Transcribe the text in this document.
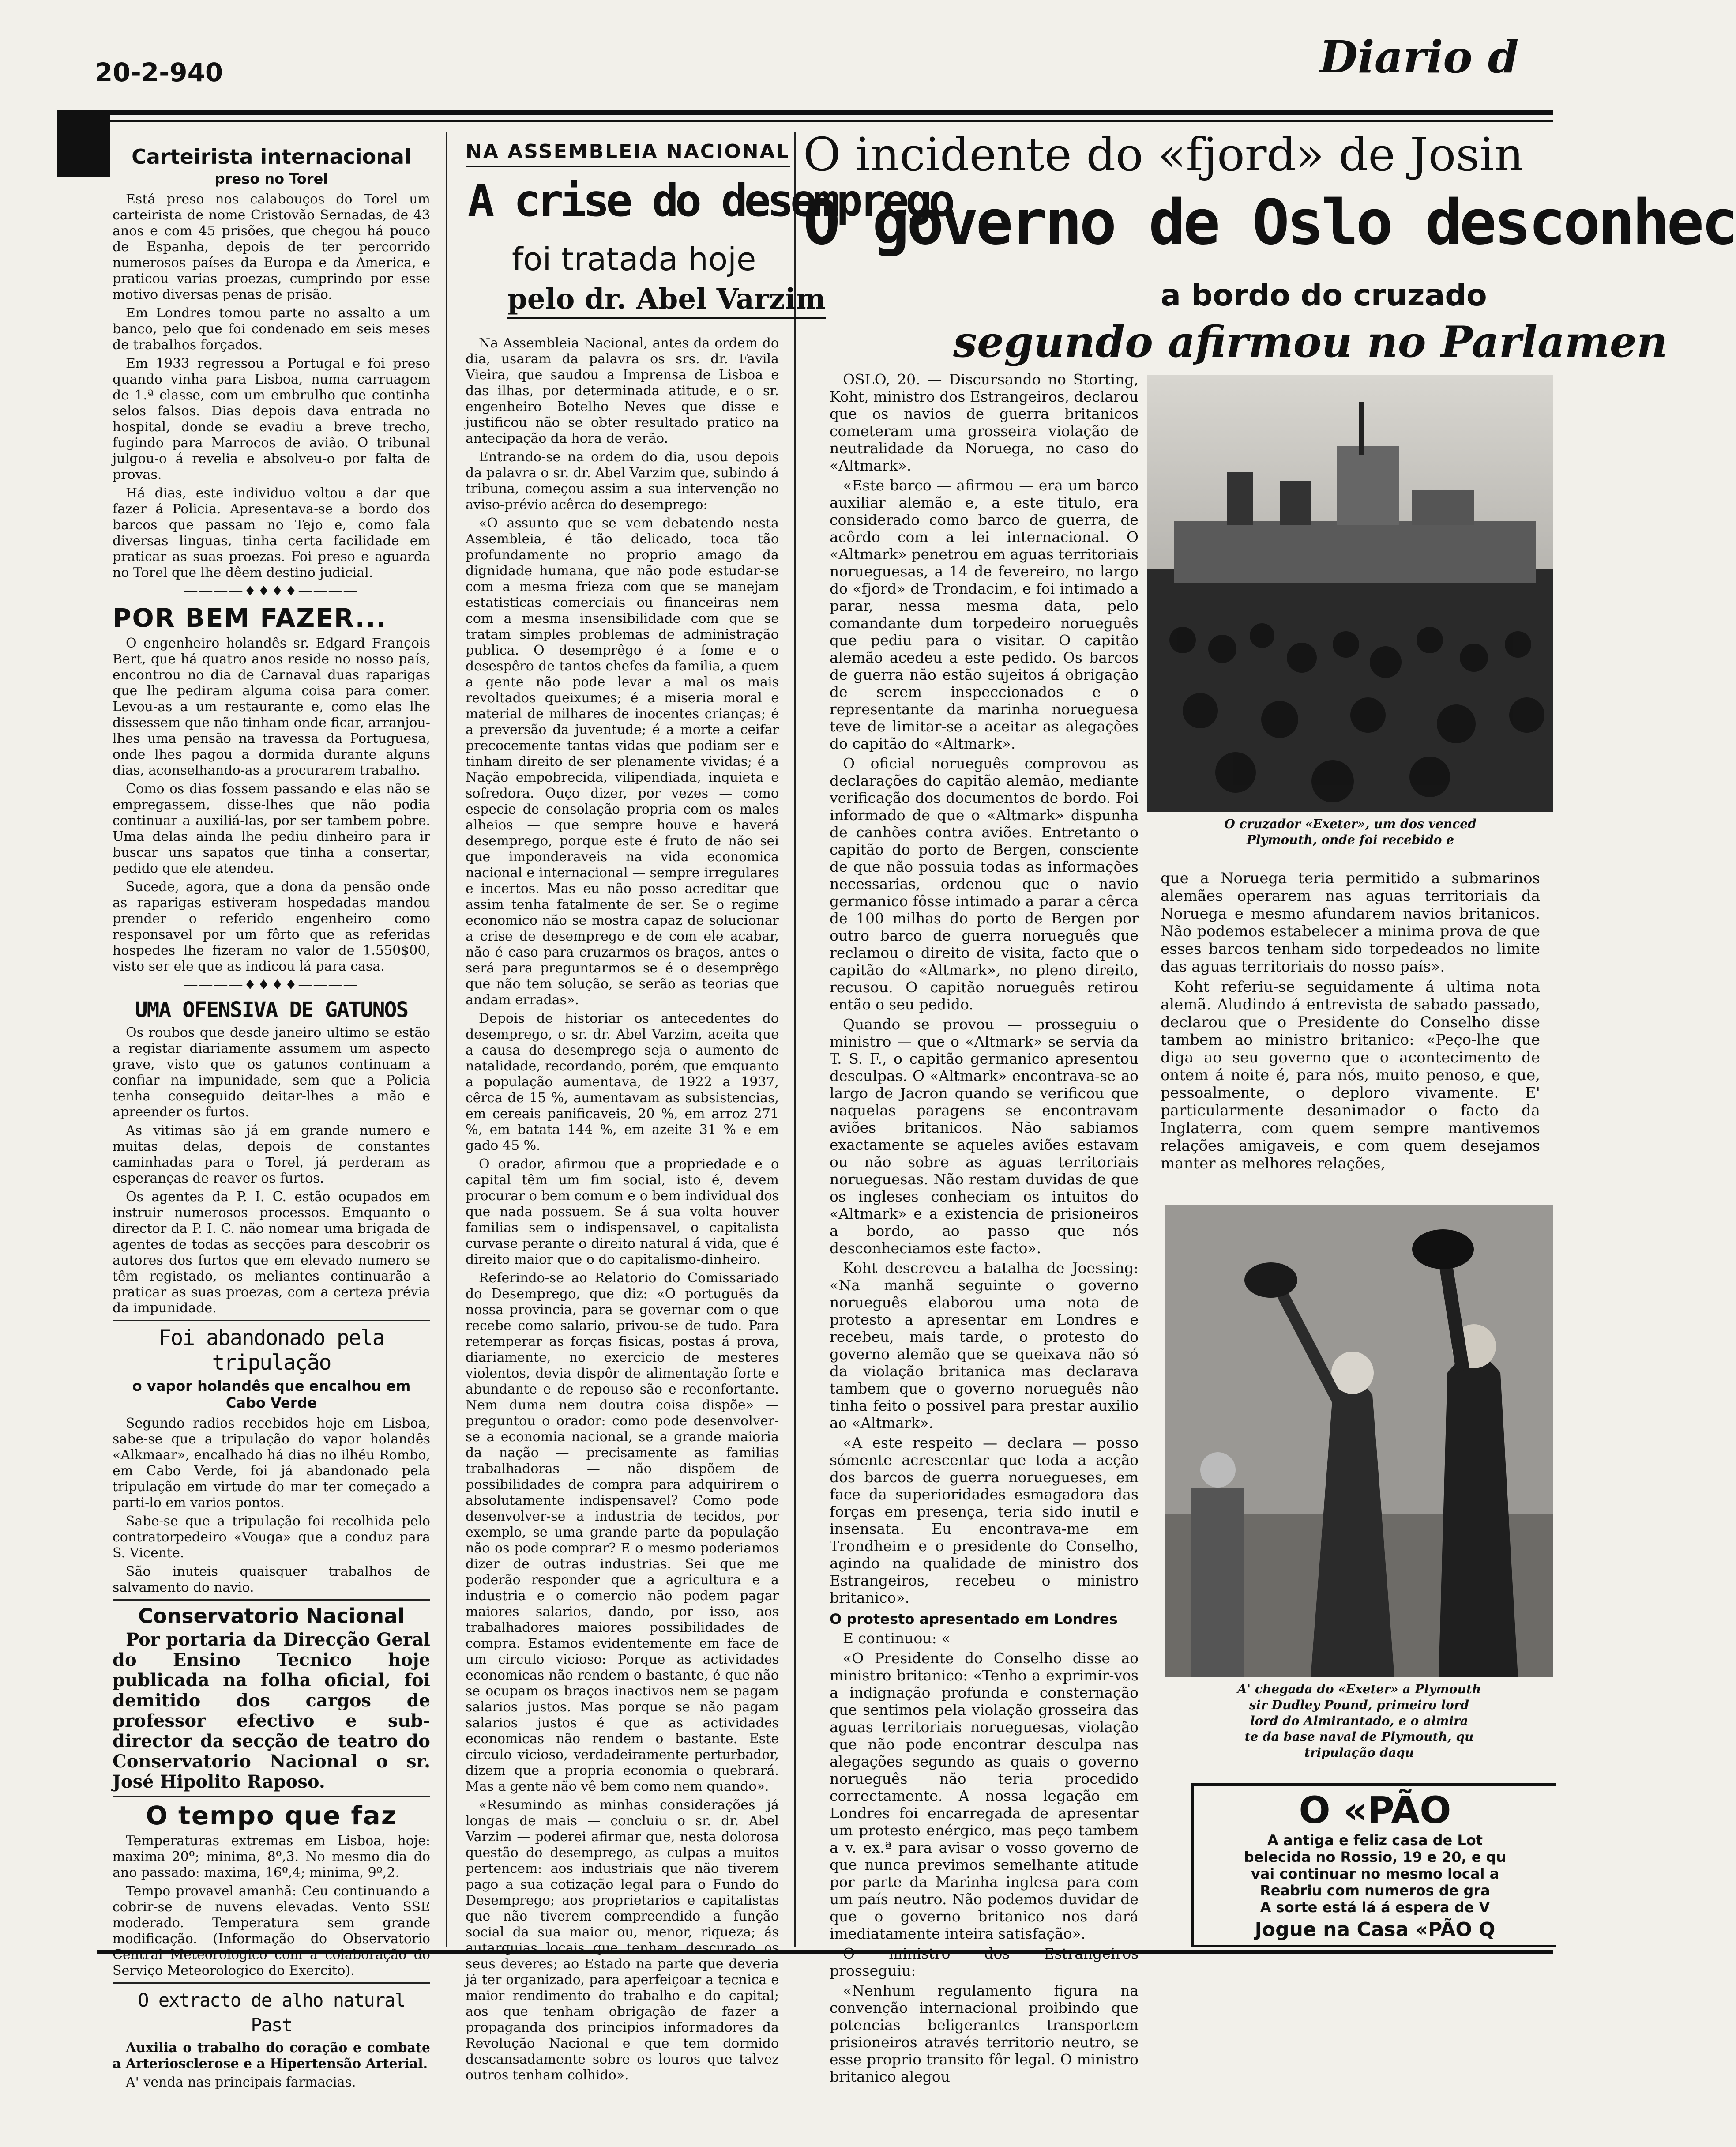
20-2-940	Diario d
Carteirista internacional
preso no Torel

Está preso nos calabouços do Torel um carteirista de nome Cristovão Sernadas, de 43 anos e com 45 prisões, que chegou há pouco de Espanha, depois de ter percorrido numerosos países da Europa e da America, e praticou varias proezas, cumprindo por esse motivo diversas penas de prisão.

Em Londres tomou parte no assalto a um banco, pelo que foi condenado em seis meses de trabalhos forçados.

Em 1933 regressou a Portugal e foi preso quando vinha para Lisboa, numa carruagem de 1.ª classe, com um embrulho que continha selos falsos. Dias depois dava entrada no hospital, donde se evadiu a breve trecho, fugindo para Marrocos de avião. O tribunal julgou-o á revelia e absolveu-o por falta de provas.

Há dias, este individuo voltou a dar que fazer á Policia. Apresentava-se a bordo dos barcos que passam no Tejo e, como fala diversas linguas, tinha certa facilidade em praticar as suas proezas. Foi preso e aguarda no Torel que lhe dêem destino judicial.

――――♦♦♦♦――――
POR BEM FAZER...

O engenheiro holandês sr. Edgard François Bert, que há quatro anos reside no nosso país, encontrou no dia de Carnaval duas raparigas que lhe pediram alguma coisa para comer. Levou-as a um restaurante e, como elas lhe dissessem que não tinham onde ficar, arranjou-lhes uma pensão na travessa da Portuguesa, onde lhes pagou a dormida durante alguns dias, aconselhando-as a procurarem trabalho.

Como os dias fossem passando e elas não se empregassem, disse-lhes que não podia continuar a auxiliá-las, por ser tambem pobre. Uma delas ainda lhe pediu dinheiro para ir buscar uns sapatos que tinha a consertar, pedido que ele atendeu.

Sucede, agora, que a dona da pensão onde as raparigas estiveram hospedadas mandou prender o referido engenheiro como responsavel por um fôrto que as referidas hospedes lhe fizeram no valor de 1.550$00, visto ser ele que as indicou lá para casa.

――――♦♦♦♦――――
UMA OFENSIVA DE GATUNOS

Os roubos que desde janeiro ultimo se estão a registar diariamente assumem um aspecto grave, visto que os gatunos continuam a confiar na impunidade, sem que a Policia tenha conseguido deitar-lhes a mão e apreender os furtos.

As vitimas são já em grande numero e muitas delas, depois de constantes caminhadas para o Torel, já perderam as esperanças de reaver os furtos.

Os agentes da P. I. C. estão ocupados em instruir numerosos processos. Emquanto o director da P. I. C. não nomear uma brigada de agentes de todas as secções para descobrir os autores dos furtos que em elevado numero se têm registado, os meliantes continuarão a praticar as suas proezas, com a certeza prévia da impunidade.

Foi abandonado pela tripulação
o vapor holandês que encalhou em Cabo Verde

Segundo radios recebidos hoje em Lisboa, sabe-se que a tripulação do vapor holandês «Alkmaar», encalhado há dias no ilhéu Rombo, em Cabo Verde, foi já abandonado pela tripulação em virtude do mar ter começado a parti-lo em varios pontos.

Sabe-se que a tripulação foi recolhida pelo contratorpedeiro «Vouga» que a conduz para S. Vicente.

São inuteis quaisquer trabalhos de salvamento do navio.

Conservatorio Nacional

Por portaria da Direcção Geral do Ensino Tecnico hoje publicada na folha oficial, foi demitido dos cargos de professor efectivo e sub-director da secção de teatro do Conservatorio Nacional o sr. José Hipolito Raposo.

O tempo que faz

Temperaturas extremas em Lisboa, hoje: maxima 20º; minima, 8º,3. No mesmo dia do ano passado: maxima, 16º,4; minima, 9º,2.

Tempo provavel amanhã: Ceu continuando a cobrir-se de nuvens elevadas. Vento SSE moderado. Temperatura sem grande modificação. (Informação do Observatorio Central Meteorologico com a colaboração do Serviço Meteorologico do Exercito).

O extracto de alho natural Past

Auxilia o trabalho do coração e combate a Arteriosclerose e a Hipertensão Arterial.

A' venda nas principais farmacias.

NA ASSEMBLEIA NACIONAL
A crise do desemprego
foi tratada hoje
pelo dr. Abel Varzim

Na Assembleia Nacional, antes da ordem do dia, usaram da palavra os srs. dr. Favila Vieira, que saudou a Imprensa de Lisboa e das ilhas, por determinada atitude, e o sr. engenheiro Botelho Neves que disse e justificou não se obter resultado pratico na antecipação da hora de verão.

Entrando-se na ordem do dia, usou depois da palavra o sr. dr. Abel Varzim que, subindo á tribuna, começou assim a sua intervenção no aviso-prévio acêrca do desemprego:

«O assunto que se vem debatendo nesta Assembleia, é tão delicado, toca tão profundamente no proprio amago da dignidade humana, que não pode estudar-se com a mesma frieza com que se manejam estatisticas comerciais ou financeiras nem com a mesma insensibilidade com que se tratam simples problemas de administração publica. O desemprêgo é a fome e o desespêro de tantos chefes da familia, a quem a gente não pode levar a mal os mais revoltados queixumes; é a miseria moral e material de milhares de inocentes crianças; é a preversão da juventude; é a morte a ceifar precocemente tantas vidas que podiam ser e tinham direito de ser plenamente vividas; é a Nação empobrecida, vilipendiada, inquieta e sofredora. Ouço dizer, por vezes — como especie de consolação propria com os males alheios — que sempre houve e haverá desemprego, porque este é fruto de não sei que imponderaveis na vida economica nacional e internacional — sempre irregulares e incertos. Mas eu não posso acreditar que assim tenha fatalmente de ser. Se o regime economico não se mostra capaz de solucionar a crise de desemprego e de com ele acabar, não é caso para cruzarmos os braços, antes o será para preguntarmos se é o desemprêgo que não tem solução, se serão as teorias que andam erradas».

Depois de historiar os antecedentes do desemprego, o sr. dr. Abel Varzim, aceita que a causa do desemprego seja o aumento de natalidade, recordando, porém, que emquanto a população aumentava, de 1922 a 1937, cêrca de 15 %, aumentavam as subsistencias, em cereais panificaveis, 20 %, em arroz 271 %, em batata 144 %, em azeite 31 % e em gado 45 %.

O orador, afirmou que a propriedade e o capital têm um fim social, isto é, devem procurar o bem comum e o bem individual dos que nada possuem. Se á sua volta houver familias sem o indispensavel, o capitalista curvase perante o direito natural á vida, que é direito maior que o do capitalismo-dinheiro.

Referindo-se ao Relatorio do Comissariado do Desemprego, que diz: «O português da nossa provincia, para se governar com o que recebe como salario, privou-se de tudo. Para retemperar as forças fisicas, postas á prova, diariamente, no exercicio de mesteres violentos, devia dispôr de alimentação forte e abundante e de repouso são e reconfortante. Nem duma nem doutra coisa dispõe» — preguntou o orador: como pode desenvolver-se a economia nacional, se a grande maioria da nação — precisamente as familias trabalhadoras — não dispõem de possibilidades de compra para adquirirem o absolutamente indispensavel? Como pode desenvolver-se a industria de tecidos, por exemplo, se uma grande parte da população não os pode comprar? E o mesmo poderiamos dizer de outras industrias. Sei que me poderão responder que a agricultura e a industria e o comercio não podem pagar maiores salarios, dando, por isso, aos trabalhadores maiores possibilidades de compra. Estamos evidentemente em face de um circulo vicioso: Porque as actividades economicas não rendem o bastante, é que não se ocupam os braços inactivos nem se pagam salarios justos. Mas porque se não pagam salarios justos é que as actividades economicas não rendem o bastante. Este circulo vicioso, verdadeiramente perturbador, dizem que a propria economia o quebrará. Mas a gente não vê bem como nem quando».

«Resumindo as minhas considerações já longas de mais — concluiu o sr. dr. Abel Varzim — poderei afirmar que, nesta dolorosa questão do desemprego, as culpas a muitos pertencem: aos industriais que não tiverem pago a sua cotização legal para o Fundo do Desemprego; aos proprietarios e capitalistas que não tiverem compreendido a função social da sua maior ou, menor, riqueza; ás autarquias locais que tenham descurado os seus deveres; ao Estado na parte que deveria já ter organizado, para aperfeiçoar a tecnica e maior rendimento do trabalho e do capital; aos que tenham obrigação de fazer a propaganda dos principios informadores da Revolução Nacional e que tem dormido descansadamente sobre os louros que talvez outros tenham colhido».

O incidente do «fjord» de Josin
O governo de Oslo desconhec
a bordo do cruzado
segundo afirmou no Parlamen

OSLO, 20. — Discursando no Storting, Koht, ministro dos Estrangeiros, declarou que os navios de guerra britanicos cometeram uma grosseira violação de neutralidade da Noruega, no caso do «Altmark».

«Este barco — afirmou — era um barco auxiliar alemão e, a este titulo, era considerado como barco de guerra, de acôrdo com a lei internacional. O «Altmark» penetrou em aguas territoriais norueguesas, a 14 de fevereiro, no largo do «fjord» de Trondacim, e foi intimado a parar, nessa mesma data, pelo comandante dum torpedeiro norueguês que pediu para o visitar. O capitão alemão acedeu a este pedido. Os barcos de guerra não estão sujeitos á obrigação de serem inspeccionados e o representante da marinha norueguesa teve de limitar-se a aceitar as alegações do capitão do «Altmark».

O oficial norueguês comprovou as declarações do capitão alemão, mediante verificação dos documentos de bordo. Foi informado de que o «Altmark» dispunha de canhões contra aviões. Entretanto o capitão do porto de Bergen, consciente de que não possuia todas as informações necessarias, ordenou que o navio germanico fôsse intimado a parar a cêrca de 100 milhas do porto de Bergen por outro barco de guerra norueguês que reclamou o direito de visita, facto que o capitão do «Altmark», no pleno direito, recusou. O capitão norueguês retirou então o seu pedido.

Quando se provou — prosseguiu o ministro — que o «Altmark» se servia da T. S. F., o capitão germanico apresentou desculpas. O «Altmark» encontrava-se ao largo de Jacron quando se verificou que naquelas paragens se encontravam aviões britanicos. Não sabiamos exactamente se aqueles aviões estavam ou não sobre as aguas territoriais norueguesas. Não restam duvidas de que os ingleses conheciam os intuitos do «Altmark» e a existencia de prisioneiros a bordo, ao passo que nós desconheciamos este facto».

Koht descreveu a batalha de Joessing: «Na manhã seguinte o governo norueguês elaborou uma nota de protesto a apresentar em Londres e recebeu, mais tarde, o protesto do governo alemão que se queixava não só da violação britanica mas declarava tambem que o governo norueguês não tinha feito o possivel para prestar auxilio ao «Altmark».

«A este respeito — declara — posso sómente acrescentar que toda a acção dos barcos de guerra noruegueses, em face da superioridades esmagadora das forças em presença, teria sido inutil e insensata. Eu encontrava-me em Trondheim e o presidente do Conselho, agindo na qualidade de ministro dos Estrangeiros, recebeu o ministro britanico».

O protesto apresentado em Londres

E continuou: «

«O Presidente do Conselho disse ao ministro britanico: «Tenho a exprimir-vos a indignação profunda e consternação que sentimos pela violação grosseira das aguas territoriais norueguesas, violação que não pode encontrar desculpa nas alegações segundo as quais o governo norueguês não teria procedido correctamente. A nossa legação em Londres foi encarregada de apresentar um protesto enérgico, mas peço tambem a v. ex.ª para avisar o vosso governo de que nunca previmos semelhante atitude por parte da Marinha inglesa para com um país neutro. Não podemos duvidar de que o governo britanico nos dará imediatamente inteira satisfação».

O ministro dos Estrangeiros prosseguiu:

«Nenhum regulamento figura na convenção internacional proibindo que potencias beligerantes transportem prisioneiros através territorio neutro, se esse proprio transito fôr legal. O ministro britanico alegou

O cruzador «Exeter», um dos venced
Plymouth, onde foi recebido e

que a Noruega teria permitido a submarinos alemães operarem nas aguas territoriais da Noruega e mesmo afundarem navios britanicos. Não podemos estabelecer a minima prova de que esses barcos tenham sido torpedeados no limite das aguas territoriais do nosso país».

Koht referiu-se seguidamente á ultima nota alemã. Aludindo á entrevista de sabado passado, declarou que o Presidente do Conselho disse tambem ao ministro britanico: «Peço-lhe que diga ao seu governo que o acontecimento de ontem á noite é, para nós, muito penoso, e que, pessoalmente, o deploro vivamente. E' particularmente desanimador o facto da Inglaterra, com quem sempre mantivemos relações amigaveis, e com quem desejamos manter as melhores relações,

A' chegada do «Exeter» a Plymouth
sir Dudley Pound, primeiro lord
lord do Almirantado, e o almira
te da base naval de Plymouth, qu
tripulação daqu
O «PÃO
A antiga e feliz casa de Lot
belecida no Rossio, 19 e 20, e qu
vai continuar no mesmo local a
Reabriu com numeros de gra
A sorte está lá á espera de V
Jogue na Casa «PÃO Q
